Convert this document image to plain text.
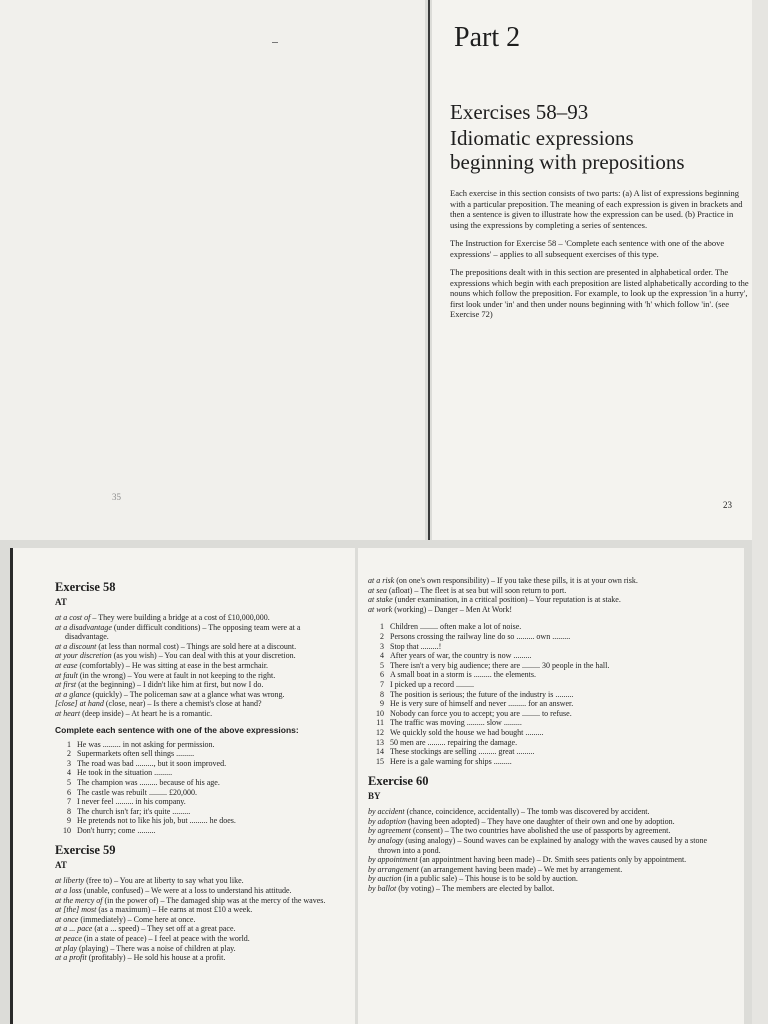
35
Part 2
Exercises 58–93
Idiomatic expressions
beginning with prepositions

Each exercise in this section consists of two parts: (a) A list of expressions beginning with a particular preposition. The meaning of each expression is given in brackets and then a sentence is given to illustrate how the expression can be used. (b) Practice in using the expressions by completing a series of sentences.

The Instruction for Exercise 58 – 'Complete each sentence with one of the above expressions' – applies to all subsequent exercises of this type.

The prepositions dealt with in this section are presented in alphabetical order. The expressions which begin with each preposition are listed alphabetically according to the nouns which follow the preposition. For example, to look up the expression 'in a hurry', first look under 'in' and then under nouns beginning with 'h' which follow 'in'. (see Exercise 72)

23
Exercise 58
AT

at a cost of – They were building a bridge at a cost of £10,000,000.

at a disadvantage (under difficult conditions) – The opposing team were at a disadvantage.

at a discount (at less than normal cost) – Things are sold here at a discount.

at your discretion (as you wish) – You can deal with this at your discretion.

at ease (comfortably) – He was sitting at ease in the best armchair.

at fault (in the wrong) – You were at fault in not keeping to the right.

at first (at the beginning) – I didn't like him at first, but now I do.

at a glance (quickly) – The policeman saw at a glance what was wrong.

[close] at hand (close, near) – Is there a chemist's close at hand?

at heart (deep inside) – At heart he is a romantic.

Complete each sentence with one of the above expressions:
1 He was ......... in not asking for permission.
2 Supermarkets often sell things .........
3 The road was bad ........., but it soon improved.
4 He took in the situation .........
5 The champion was ......... because of his age.
6 The castle was rebuilt ......... £20,000.
7 I never feel ......... in his company.
8 The church isn't far; it's quite .........
9 He pretends not to like his job, but ......... he does.
10 Don't hurry; come .........
Exercise 59
AT

at liberty (free to) – You are at liberty to say what you like.

at a loss (unable, confused) – We were at a loss to understand his attitude.

at the mercy of (in the power of) – The damaged ship was at the mercy of the waves.

at [the] most (as a maximum) – He earns at most £10 a week.

at once (immediately) – Come here at once.

at a ... pace (at a ... speed) – They set off at a great pace.

at peace (in a state of peace) – I feel at peace with the world.

at play (playing) – There was a noise of children at play.

at a profit (profitably) – He sold his house at a profit.

at a risk (on one's own responsibility) – If you take these pills, it is at your own risk.

at sea (afloat) – The fleet is at sea but will soon return to port.

at stake (under examination, in a critical position) – Your reputation is at stake.

at work (working) – Danger – Men At Work!

1 Children ......... often make a lot of noise.
2 Persons crossing the railway line do so ......... own .........
3 Stop that .........!
4 After years of war, the country is now .........
5 There isn't a very big audience; there are ......... 30 people in the hall.
6 A small boat in a storm is ......... the elements.
7 I picked up a record .........
8 The position is serious; the future of the industry is .........
9 He is very sure of himself and never ......... for an answer.
10 Nobody can force you to accept; you are ......... to refuse.
11 The traffic was moving ......... slow .........
12 We quickly sold the house we had bought .........
13 50 men are ......... repairing the damage.
14 These stockings are selling ......... great .........
15 Here is a gale warning for ships .........
Exercise 60
BY

by accident (chance, coincidence, accidentally) – The tomb was discovered by accident.

by adoption (having been adopted) – They have one daughter of their own and one by adoption.

by agreement (consent) – The two countries have abolished the use of passports by agreement.

by analogy (using analogy) – Sound waves can be explained by analogy with the waves caused by a stone thrown into a pond.

by appointment (an appointment having been made) – Dr. Smith sees patients only by appointment.

by arrangement (an arrangement having been made) – We met by arrangement.

by auction (in a public sale) – This house is to be sold by auction.

by ballot (by voting) – The members are elected by ballot.
